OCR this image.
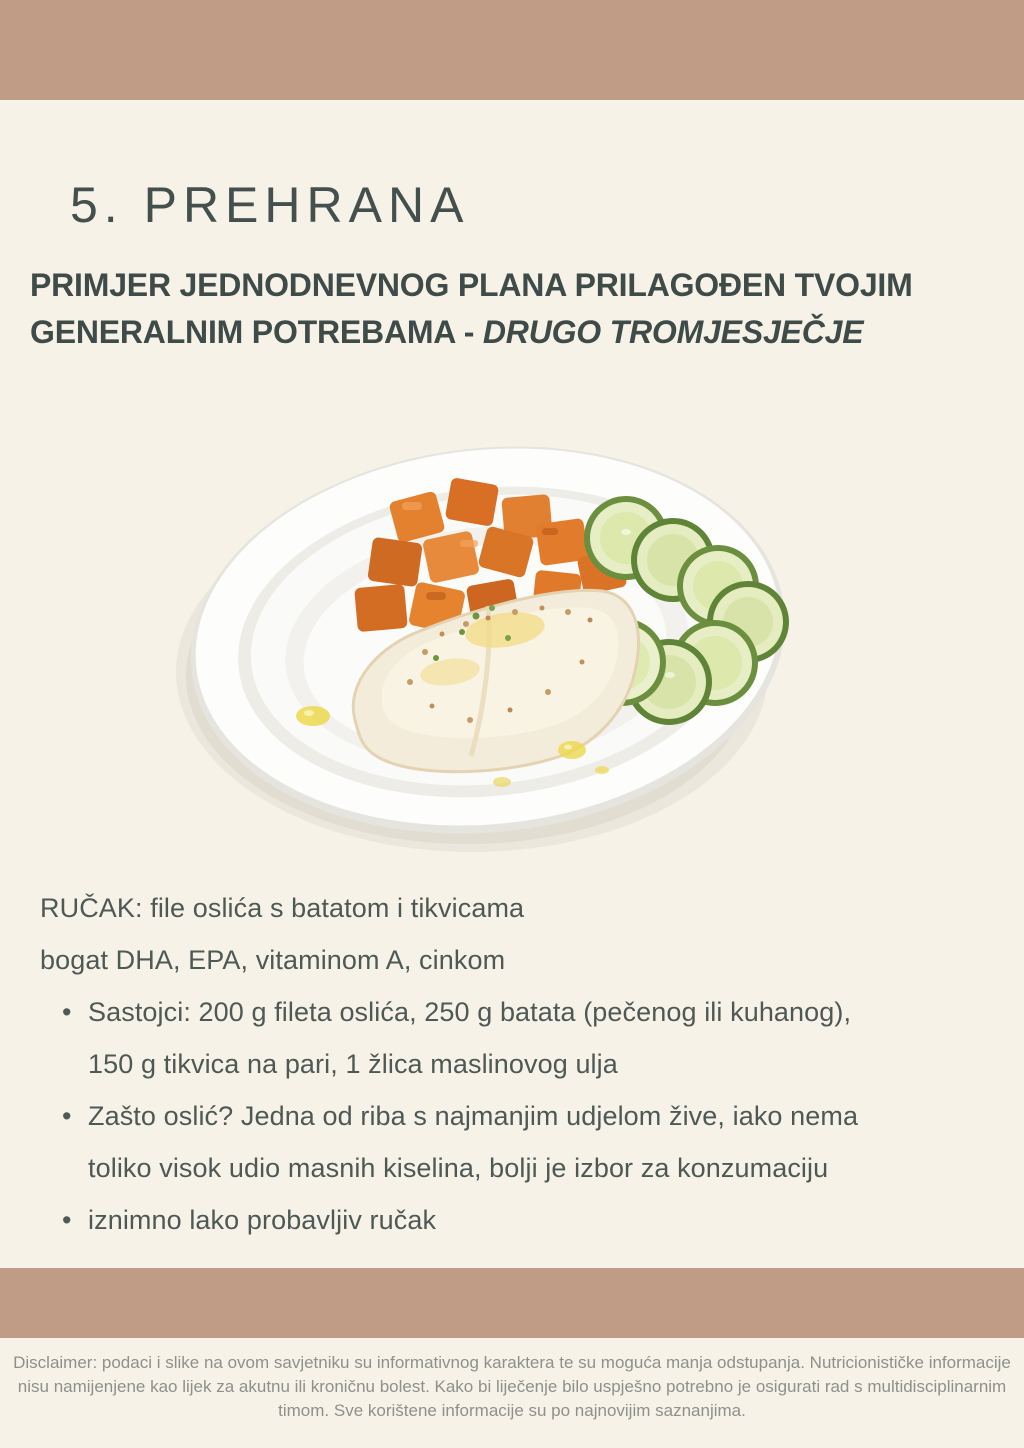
5. PREHRANA
PRIMJER JEDNODNEVNOG PLANA PRILAGOĐEN TVOJIM
GENERALNIM POTREBAMA - DRUGO TROMJESJEČJE
RUČAK: file oslića s batatom i tikvicama
bogat DHA, EPA, vitaminom A, cinkom
• Sastojci: 200 g fileta oslića, 250 g batata (pečenog ili kuhanog),
150 g tikvica na pari, 1 žlica maslinovog ulja
• Zašto oslić? Jedna od riba s najmanjim udjelom žive, iako nema
toliko visok udio masnih kiselina, bolji je izbor za konzumaciju
• iznimno lako probavljiv ručak
Disclaimer: podaci i slike na ovom savjetniku su informativnog karaktera te su moguća manja odstupanja. Nutricionističke informacije
nisu namijenjene kao lijek za akutnu ili kroničnu bolest. Kako bi liječenje bilo uspješno potrebno je osigurati rad s multidisciplinarnim
timom. Sve korištene informacije su po najnovijim saznanjima.
